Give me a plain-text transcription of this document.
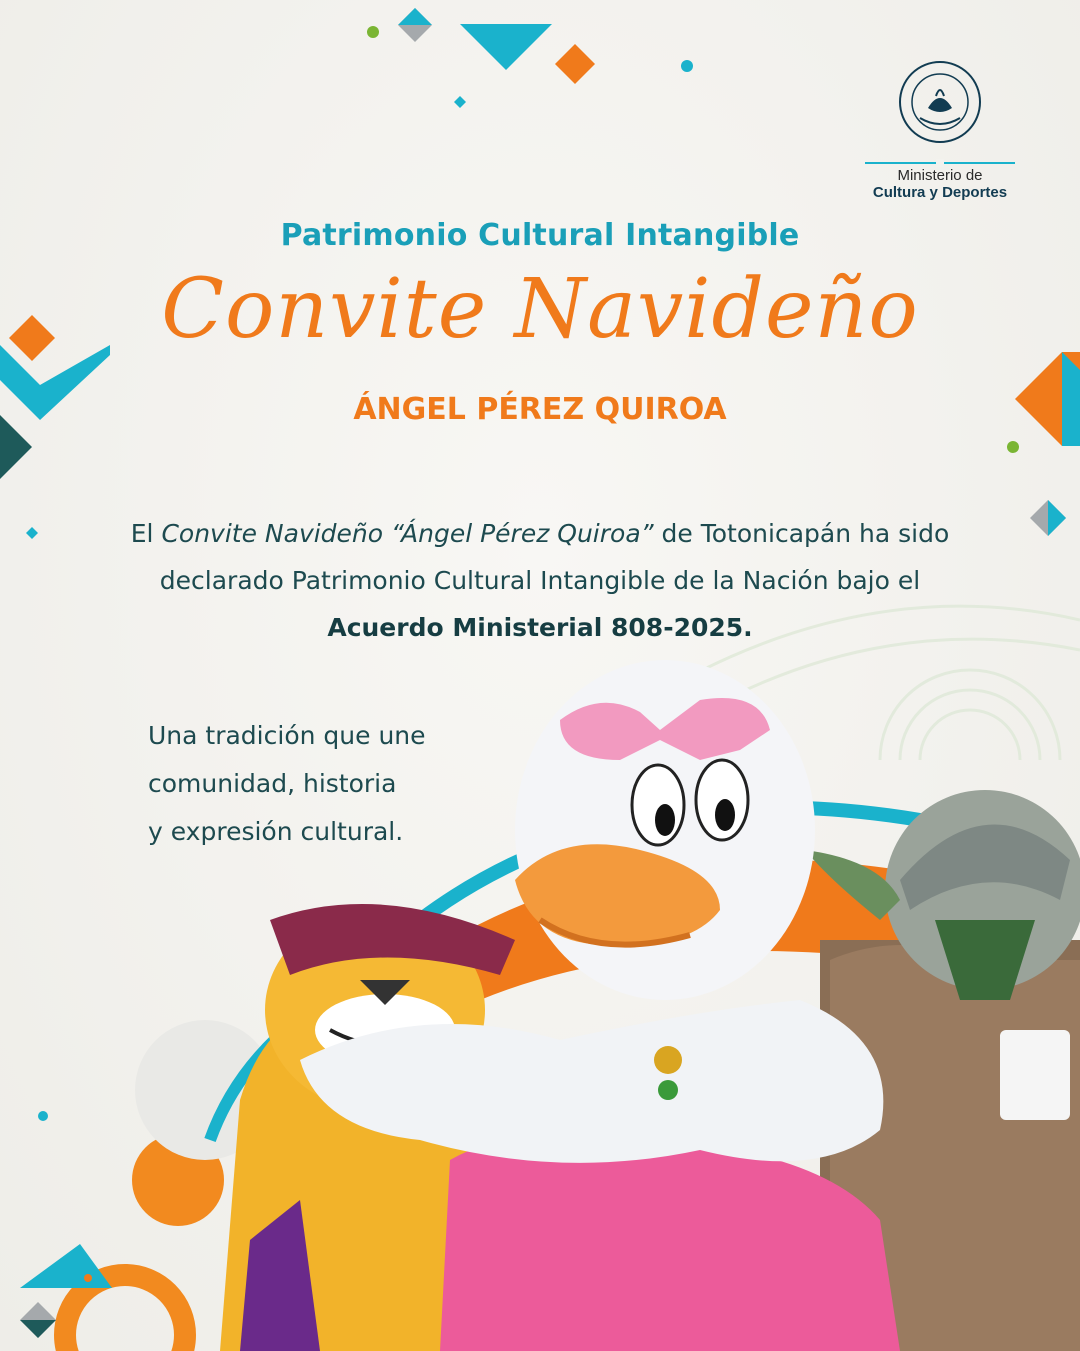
Ministerio de
Cultura y Deportes
Patrimonio Cultural Intangible
Convite Navideño
ÁNGEL PÉREZ QUIROA
El Convite Navideño “Ángel Pérez Quiroa” de Totonicapán ha sido declarado Patrimonio Cultural Intangible de la Nación bajo el Acuerdo Ministerial 808-2025.
Una tradición que une
comunidad, historia
y expresión cultural.
